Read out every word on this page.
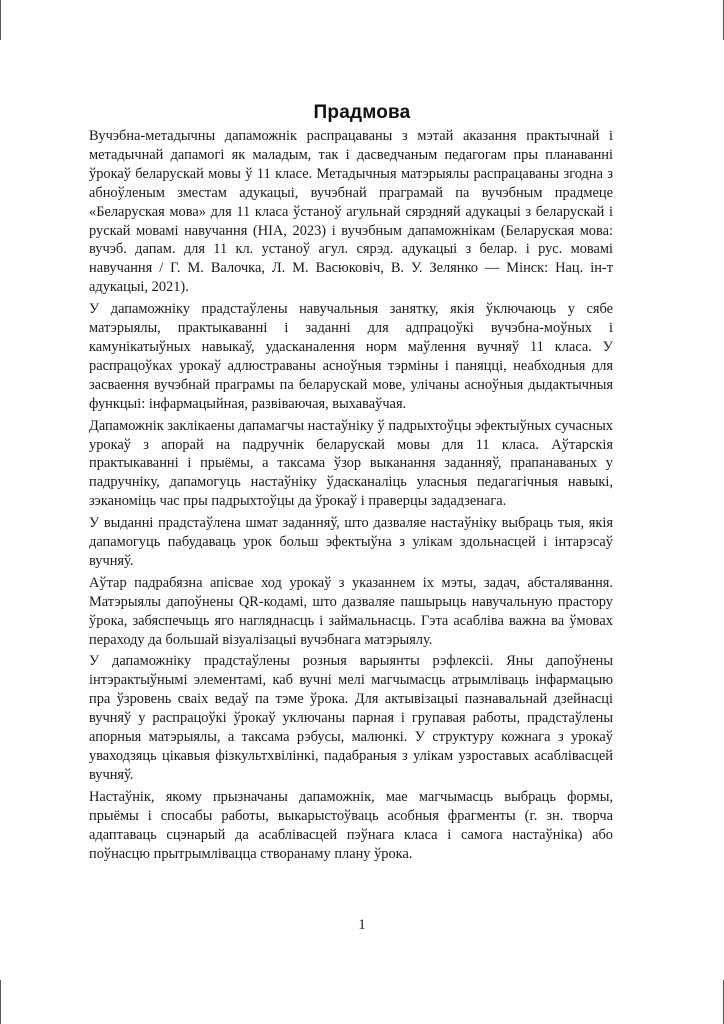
Прадмова

Вучэбна-метадычны дапаможнік распрацаваны з мэтай аказання практычнай і метадычнай дапамогі як маладым, так і дасведчаным педагогам пры планаванні ўрокаў беларускай мовы ў 11 класе. Метадычныя матэрыялы распрацаваны згодна з абноўленым зместам адукацыі, вучэбнай праграмай па вучэбным прадмеце «Беларуская мова» для 11 класа ўстаноў агульнай сярэдняй адукацыі з беларускай і рускай мовамі навучання (НІА, 2023) і вучэбным дапаможнікам (Беларуская мова: вучэб. дапам. для 11 кл. устаноў агул. сярэд. адукацыі з белар. і рус. мовамі навучання / Г. М. Валочка, Л. М. Васюковіч, В. У. Зелянко — Мінск: Нац. ін-т адукацыі, 2021).

У дапаможніку прадстаўлены навучальныя занятку, якія ўключаюць у сябе матэрыялы, практыкаванні і заданні для адпрацоўкі вучэбна-моўных і камунікатыўных навыкаў, удасканалення норм маўлення вучняў 11 класа. У распрацоўках урокаў адлюстраваны асноўныя тэрміны і паняцці, неабходныя для засваення вучэбнай праграмы па беларускай мове, улічаны асноўныя дыдактычныя функцыі: інфармацыйная, развіваючая, выхаваўчая.

Дапаможнік заклікаены дапамагчы настаўніку ў падрыхтоўцы эфектыўных сучасных урокаў з апорай на падручнік беларускай мовы для 11 класа. Аўтарскія практыкаванні і прыёмы, а таксама ўзор выканання заданняў, прапанаваных у падручніку, дапамогуць настаўніку ўдасканаліць уласныя педагагічныя навыкі, зэканоміць час пры падрыхтоўцы да ўрокаў і праверцы зададзенага.

У выданні прадстаўлена шмат заданняў, што дазваляе настаўніку выбраць тыя, якія дапамогуць пабудаваць урок больш эфектыўна з улікам здольнасцей і інтарэсаў вучняў.

Аўтар падрабязна апісвае ход урокаў з указаннем іх мэты, задач, абсталявання. Матэрыялы дапоўнены QR-кодамі, што дазваляе пашырыць навучальную прастору ўрока, забяспечыць яго нагляднасць і займальнасць. Гэта асабліва важна ва ўмовах пераходу да большай візуалізацыі вучэбнага матэрыялу.

У дапаможніку прадстаўлены розныя варыянты рэфлексіі. Яны дапоўнены інтэрактыўнымі элементамі, каб вучні мелі магчымасць атрымліваць інфармацыю пра ўзровень сваіх ведаў па тэме ўрока. Для актывізацыі пазнавальнай дзейнасці вучняў у распрацоўкі ўрокаў уключаны парная і групавая работы, прадстаўлены апорныя матэрыялы, а таксама рэбусы, малюнкі. У структуру кожнага з урокаў уваходзяць цікавыя фізкультхвілінкі, падабраныя з улікам узроставых асаблівасцей вучняў.

Настаўнік, якому прызначаны дапаможнік, мае магчымасць выбраць формы, прыёмы і спосабы работы, выкарыстоўваць асобныя фрагменты (г. зн. творча адаптаваць сцэнарый да асаблівасцей пэўнага класа і самога настаўніка) або поўнасцю прытрымлівацца створанаму плану ўрока.

1
